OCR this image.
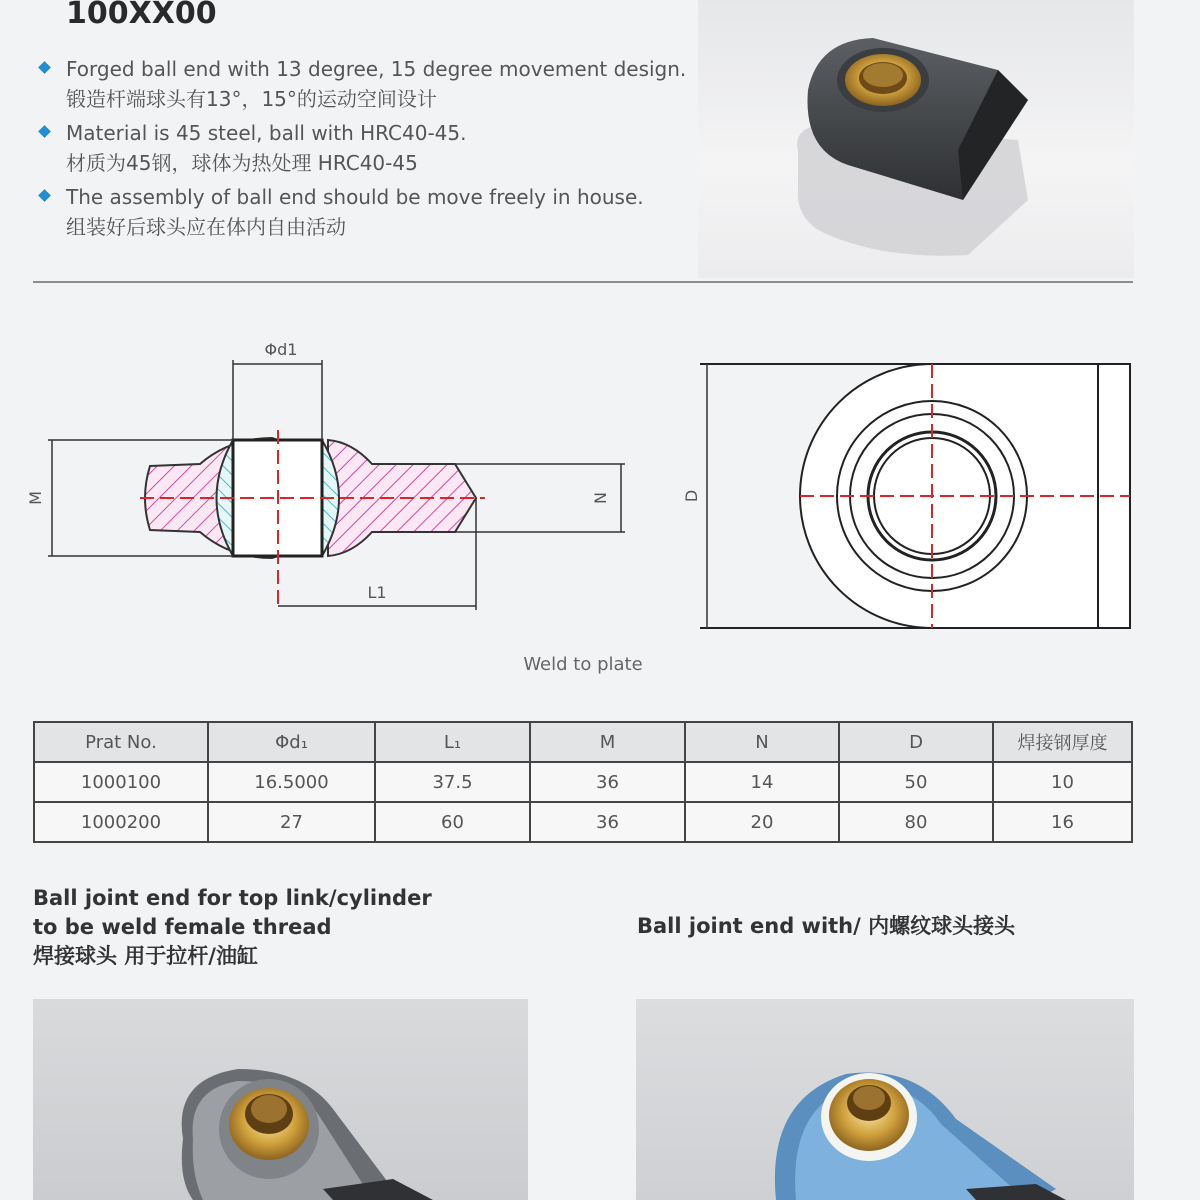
100XX00
Forged ball end with 13 degree, 15 degree movement design.
锻造杆端球头有13°，15°的运动空间设计
Material is 45 steel, ball with HRC40-45.
材质为45钢，球体为热处理 HRC40-45
The assembly of ball end should be move freely in house.
组装好后球头应在体内自由活动
Φd1
M	N
L1
D

Weld to plate

Prat No.	Φd₁	L₁	M	N	D	焊接钢厚度
1000100	16.5000	37.5	36	14	50	10
1000200	27	60	36	20	80	16

Ball joint end for top link/cylinder
to be weld female thread
焊接球头 用于拉杆/油缸

Ball joint end with/ 内螺纹球头接头
